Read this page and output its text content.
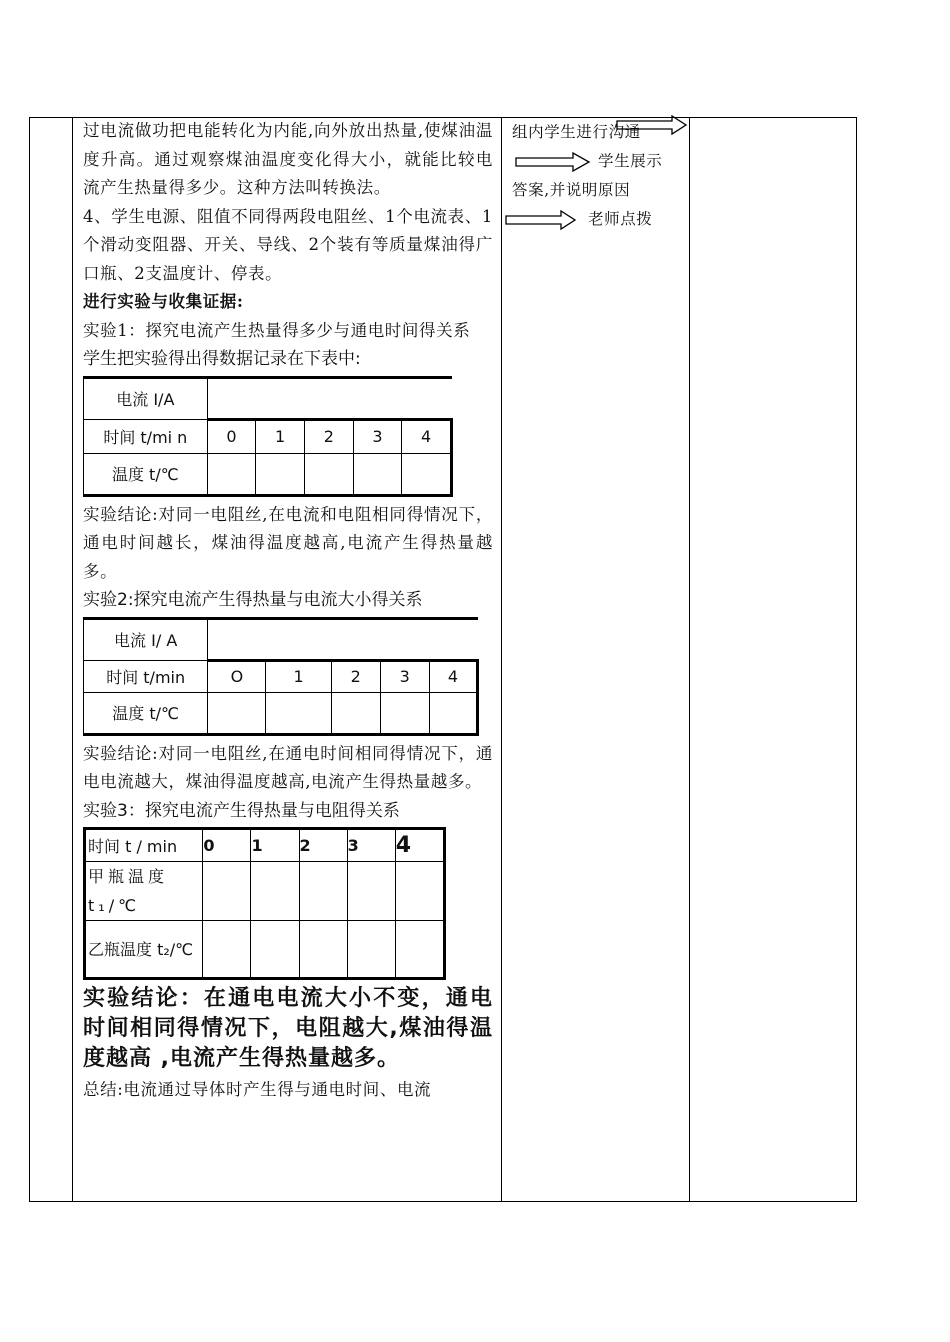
过电流做功把电能转化为内能,向外放出热量,使煤油温度升高。通过观察煤油温度变化得大小，就能比较电流产生热量得多少。这种方法叫转换法。

4、学生电源、阻值不同得两段电阻丝、1个电流表、1个滑动变阻器、开关、导线、2个装有等质量煤油得广口瓶、2支温度计、停表。

进行实验与收集证据:

实验1：探究电流产生热量得多少与通电时间得关系

学生把实验得出得数据记录在下表中:

电流 I/A					
时间 t/mi n	0	1	2	3	4
温度 t/℃					

实验结论:对同一电阻丝,在电流和电阻相同得情况下，通电时间越长，煤油得温度越高,电流产生得热量越多。

实验2:探究电流产生得热量与电流大小得关系

电流 I/ A					
时间 t/min	O	1	2	3	4
温度 t/℃					

实验结论:对同一电阻丝,在通电时间相同得情况下，通电电流越大，煤油得温度越高,电流产生得热量越多。

实验3：探究电流产生得热量与电阻得关系

时间 t / min	0	1	2	3	4
甲瓶温度 t₁/℃					
乙瓶温度 t₂/℃					

实验结论：在通电电流大小不变，通电时间相同得情况下，电阻越大,煤油得温度越高 ,电流产生得热量越多。

总结:电流通过导体时产生得与通电时间、电流

组内学生进行沟通
学生展示
答案,并说明原因
老师点拨
